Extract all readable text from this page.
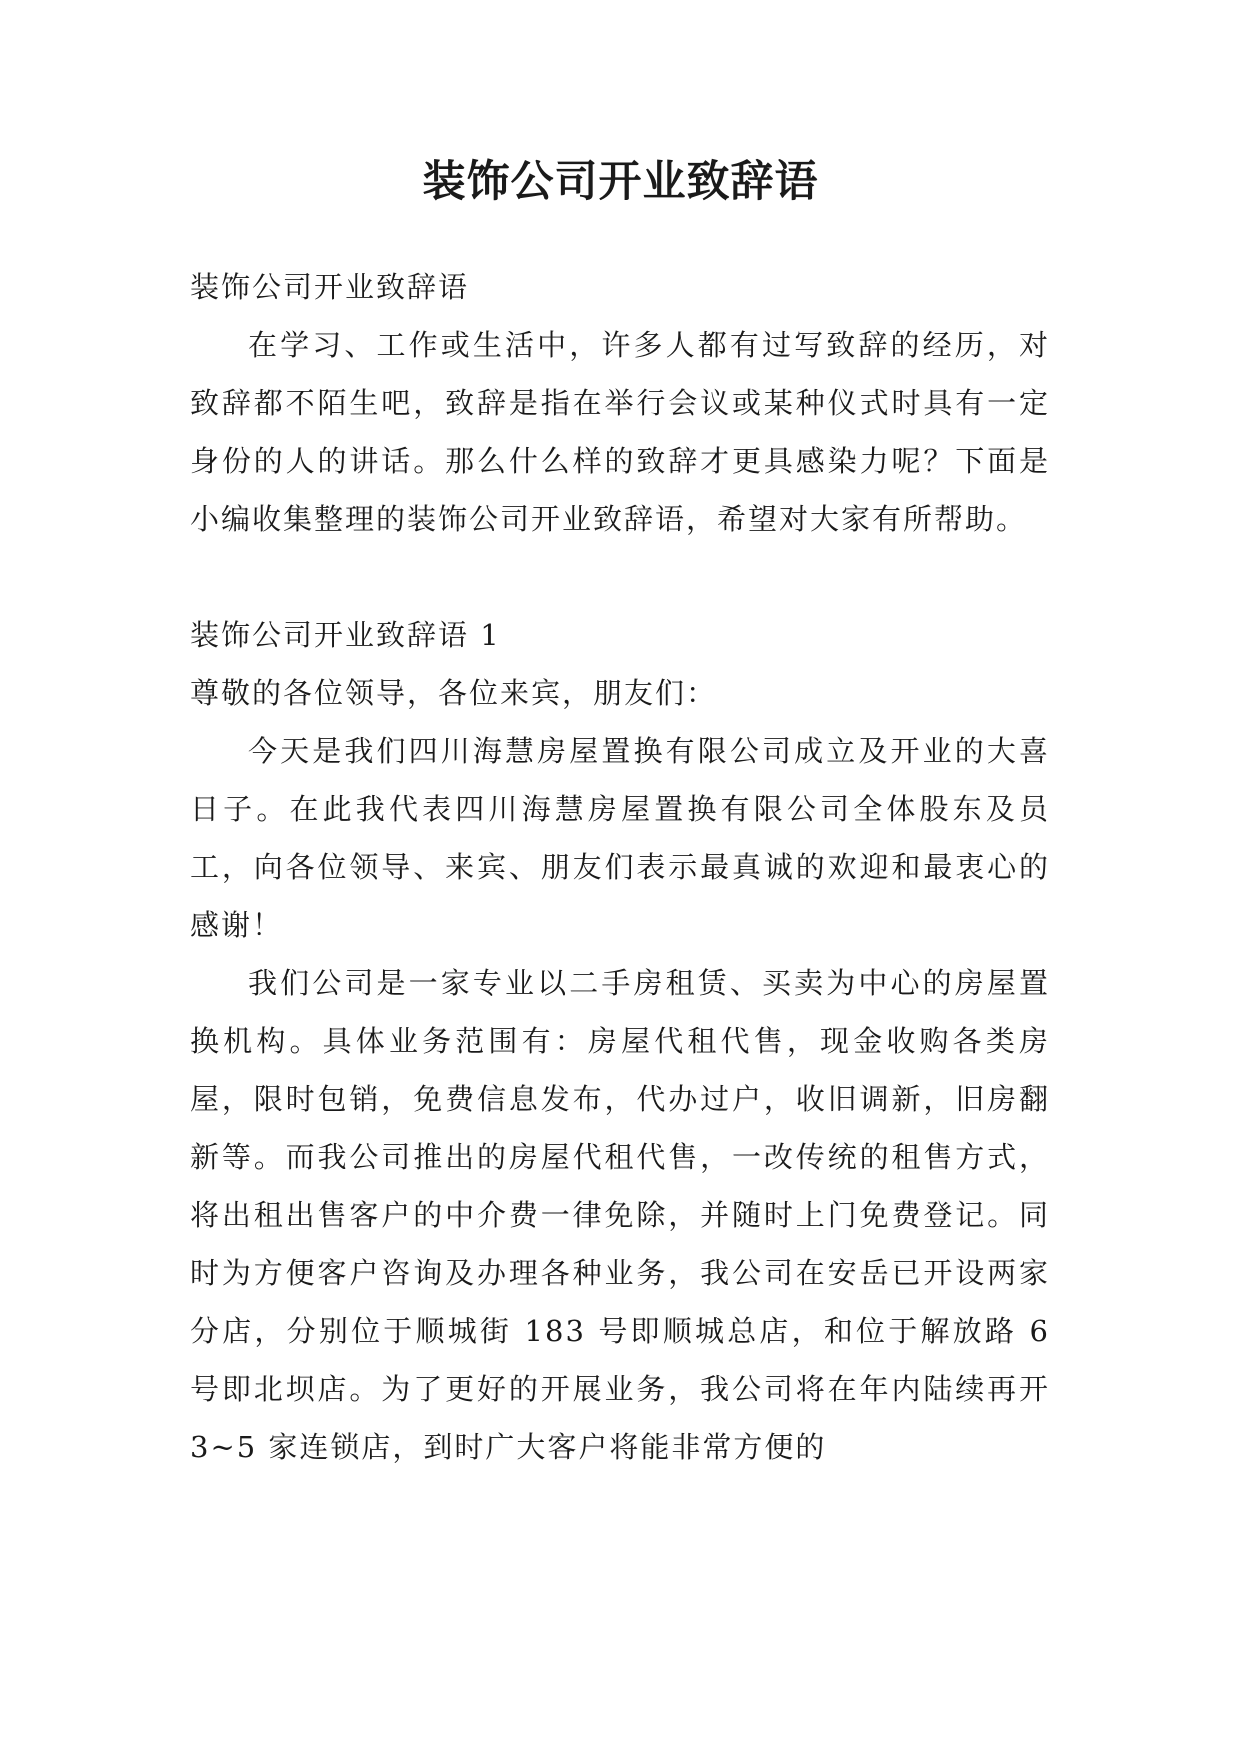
装饰公司开业致辞语

装饰公司开业致辞语

在学习、工作或生活中，许多人都有过写致辞的经历，对致辞都不陌生吧，致辞是指在举行会议或某种仪式时具有一定身份的人的讲话。那么什么样的致辞才更具感染力呢？下面是小编收集整理的装饰公司开业致辞语，希望对大家有所帮助。

装饰公司开业致辞语 1

尊敬的各位领导，各位来宾，朋友们：

今天是我们四川海慧房屋置换有限公司成立及开业的大喜日子。在此我代表四川海慧房屋置换有限公司全体股东及员工，向各位领导、来宾、朋友们表示最真诚的欢迎和最衷心的感谢！

我们公司是一家专业以二手房租赁、买卖为中心的房屋置换机构。具体业务范围有：房屋代租代售，现金收购各类房屋，限时包销，免费信息发布，代办过户，收旧调新，旧房翻新等。而我公司推出的房屋代租代售，一改传统的租售方式，将出租出售客户的中介费一律免除，并随时上门免费登记。同时为方便客户咨询及办理各种业务，我公司在安岳已开设两家分店，分别位于顺城街 183 号即顺城总店，和位于解放路 6 号即北坝店。为了更好的开展业务，我公司将在年内陆续再开 3~5 家连锁店，到时广大客户将能非常方便的
